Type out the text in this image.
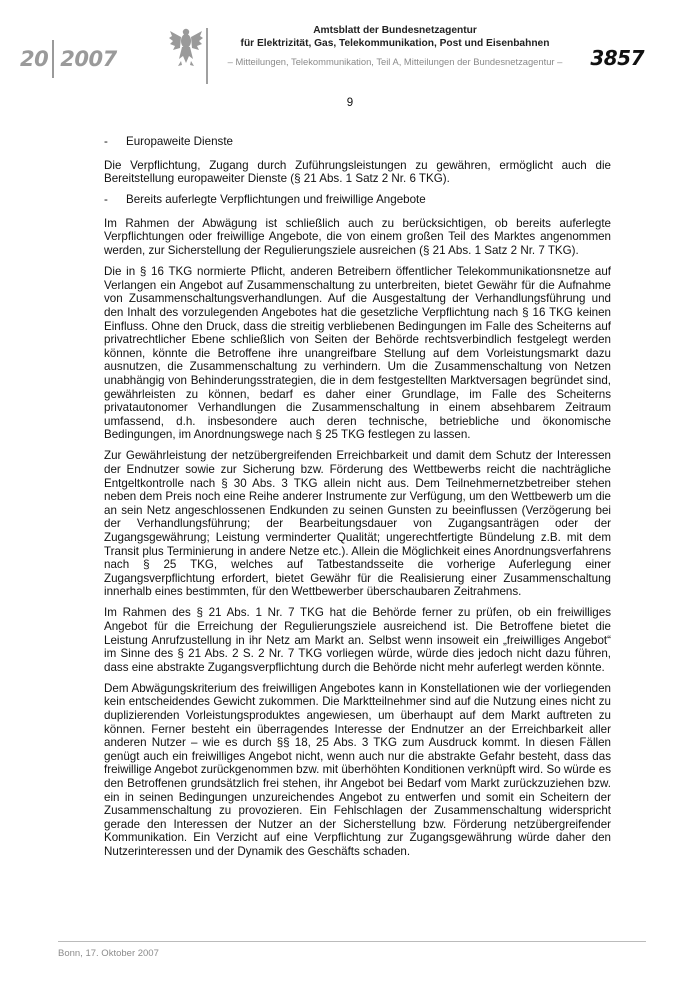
20 2007
Amtsblatt der Bundesnetzagentur
für Elektrizität, Gas, Telekommunikation, Post und Eisenbahnen
– Mitteilungen, Telekommunikation, Teil A, Mitteilungen der Bundesnetzagentur –	3857
9
-	Europaweite Dienste

Die Verpflichtung, Zugang durch Zuführungsleistungen zu gewähren, ermöglicht auch die Bereitstellung europaweiter Dienste (§ 21 Abs. 1 Satz 2 Nr. 6 TKG).

-	Bereits auferlegte Verpflichtungen und freiwillige Angebote

Im Rahmen der Abwägung ist schließlich auch zu berücksichtigen, ob bereits auferlegte Verpflichtungen oder freiwillige Angebote, die von einem großen Teil des Marktes angenommen werden, zur Sicherstellung der Regulierungsziele ausreichen (§ 21 Abs. 1 Satz 2 Nr. 7 TKG).

Die in § 16 TKG normierte Pflicht, anderen Betreibern öffentlicher Telekommunikationsnetze auf Verlangen ein Angebot auf Zusammenschaltung zu unterbreiten, bietet Gewähr für die Aufnahme von Zusammenschaltungsverhandlungen. Auf die Ausgestaltung der Verhandlungsführung und den Inhalt des vorzulegenden Angebotes hat die gesetzliche Verpflichtung nach § 16 TKG keinen Einfluss. Ohne den Druck, dass die streitig verbliebenen Bedingungen im Falle des Scheiterns auf privatrechtlicher Ebene schließlich von Seiten der Behörde rechtsverbindlich festgelegt werden können, könnte die Betroffene ihre unangreifbare Stellung auf dem Vorleistungsmarkt dazu ausnutzen, die Zusammenschaltung zu verhindern. Um die Zusammenschaltung von Netzen unabhängig von Behinderungsstrategien, die in dem festgestellten Marktversagen begründet sind, gewährleisten zu können, bedarf es daher einer Grundlage, im Falle des Scheiterns privatautonomer Verhandlungen die Zusammenschaltung in einem absehbarem Zeitraum umfassend, d.h. insbesondere auch deren technische, betriebliche und ökonomische Bedingungen, im Anordnungswege nach § 25 TKG festlegen zu lassen.

Zur Gewährleistung der netzübergreifenden Erreichbarkeit und damit dem Schutz der Interessen der Endnutzer sowie zur Sicherung bzw. Förderung des Wettbewerbs reicht die nachträgliche Entgeltkontrolle nach § 30 Abs. 3 TKG allein nicht aus. Dem Teilnehmernetzbetreiber stehen neben dem Preis noch eine Reihe anderer Instrumente zur Verfügung, um den Wettbewerb um die an sein Netz angeschlossenen Endkunden zu seinen Gunsten zu beeinflussen (Verzögerung bei der Verhandlungsführung; der Bearbeitungsdauer von Zugangsanträgen oder der Zugangsgewährung; Leistung verminderter Qualität; ungerechtfertigte Bündelung z.B. mit dem Transit plus Terminierung in andere Netze etc.). Allein die Möglichkeit eines Anordnungsverfahrens nach § 25 TKG, welches auf Tatbestandsseite die vorherige Auferlegung einer Zugangsverpflichtung erfordert, bietet Gewähr für die Realisierung einer Zusammenschaltung innerhalb eines bestimmten, für den Wettbewerber überschaubaren Zeitrahmens.

Im Rahmen des § 21 Abs. 1 Nr. 7 TKG hat die Behörde ferner zu prüfen, ob ein freiwilliges Angebot für die Erreichung der Regulierungsziele ausreichend ist. Die Betroffene bietet die Leistung Anrufzustellung in ihr Netz am Markt an. Selbst wenn insoweit ein „freiwilliges Angebot“ im Sinne des § 21 Abs. 2 S. 2 Nr. 7 TKG vorliegen würde, würde dies jedoch nicht dazu führen, dass eine abstrakte Zugangsverpflichtung durch die Behörde nicht mehr auferlegt werden könnte.

Dem Abwägungskriterium des freiwilligen Angebotes kann in Konstellationen wie der vorliegenden kein entscheidendes Gewicht zukommen. Die Marktteilnehmer sind auf die Nutzung eines nicht zu duplizierenden Vorleistungsproduktes angewiesen, um überhaupt auf dem Markt auftreten zu können. Ferner besteht ein überragendes Interesse der Endnutzer an der Erreichbarkeit aller anderen Nutzer – wie es durch §§ 18, 25 Abs. 3 TKG zum Ausdruck kommt. In diesen Fällen genügt auch ein freiwilliges Angebot nicht, wenn auch nur die abstrakte Gefahr besteht, dass das freiwillige Angebot zurückgenommen bzw. mit überhöhten Konditionen verknüpft wird. So würde es den Betroffenen grundsätzlich frei stehen, ihr Angebot bei Bedarf vom Markt zurückzuziehen bzw. ein in seinen Bedingungen unzureichendes Angebot zu entwerfen und somit ein Scheitern der Zusammenschaltung zu provozieren. Ein Fehlschlagen der Zusammenschaltung widerspricht gerade den Interessen der Nutzer an der Sicherstellung bzw. Förderung netzübergreifender Kommunikation. Ein Verzicht auf eine Verpflichtung zur Zugangsgewährung würde daher den Nutzerinteressen und der Dynamik des Geschäfts schaden.

Bonn, 17. Oktober 2007
